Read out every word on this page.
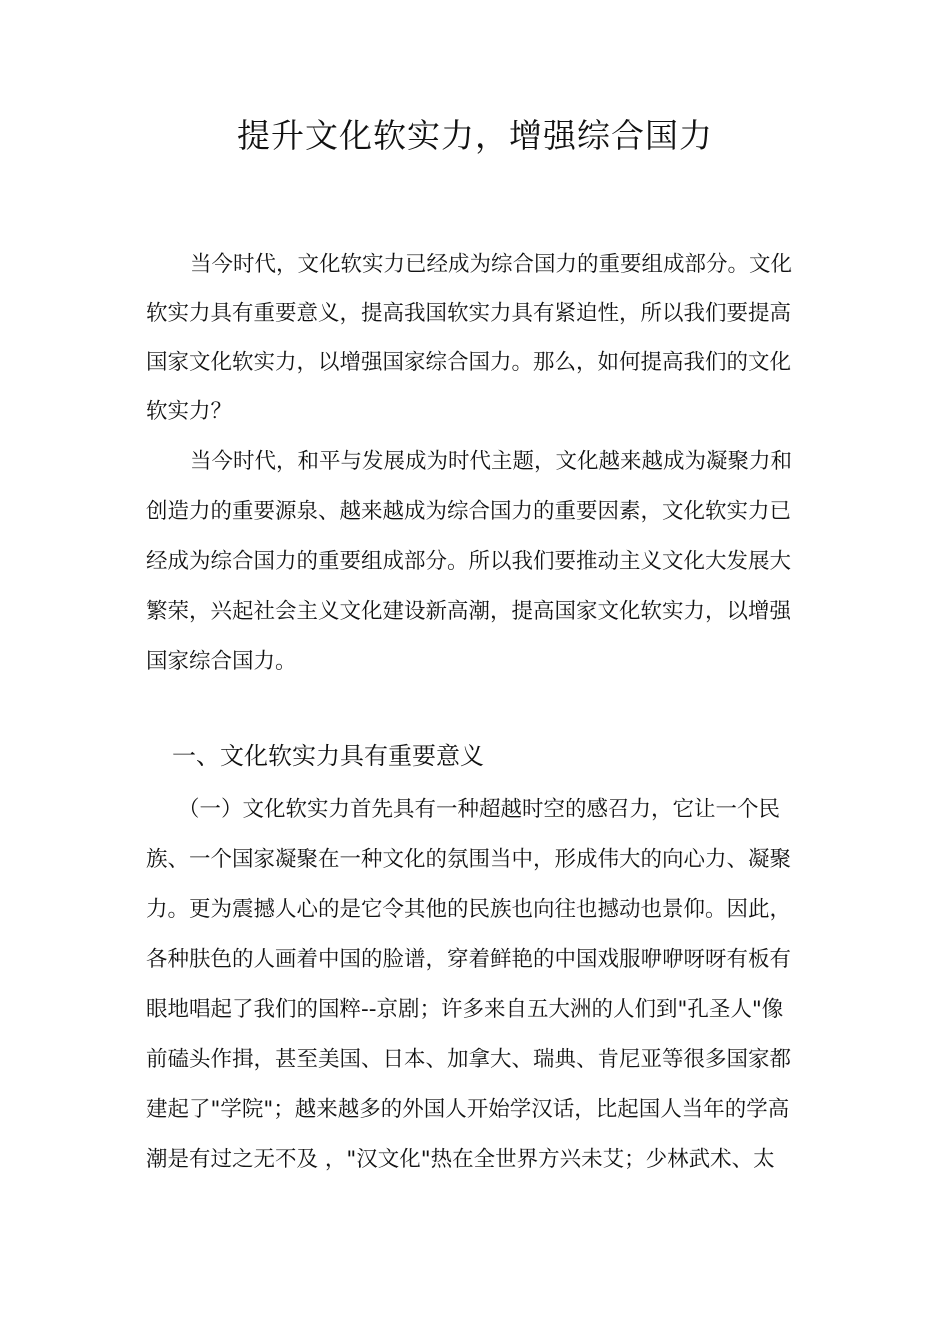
提升文化软实力，增强综合国力
当今时代，文化软实力已经成为综合国力的重要组成部分。文化
软实力具有重要意义，提高我国软实力具有紧迫性，所以我们要提高
国家文化软实力，以增强国家综合国力。那么，如何提高我们的文化
软实力？
当今时代，和平与发展成为时代主题，文化越来越成为凝聚力和
创造力的重要源泉、越来越成为综合国力的重要因素，文化软实力已
经成为综合国力的重要组成部分。所以我们要推动主义文化大发展大
繁荣，兴起社会主义文化建设新高潮，提高国家文化软实力，以增强
国家综合国力。
一、文化软实力具有重要意义
（一）文化软实力首先具有一种超越时空的感召力，它让一个民
族、一个国家凝聚在一种文化的氛围当中，形成伟大的向心力、凝聚
力。更为震撼人心的是它令其他的民族也向往也撼动也景仰。因此，
各种肤色的人画着中国的脸谱，穿着鲜艳的中国戏服咿咿呀呀有板有
眼地唱起了我们的国粹--京剧；许多来自五大洲的人们到"孔圣人"像
前磕头作揖，甚至美国、日本、加拿大、瑞典、肯尼亚等很多国家都
建起了"学院"；越来越多的外国人开始学汉话，比起国人当年的学高
潮是有过之无不及 ，"汉文化"热在全世界方兴未艾；少林武术、太
